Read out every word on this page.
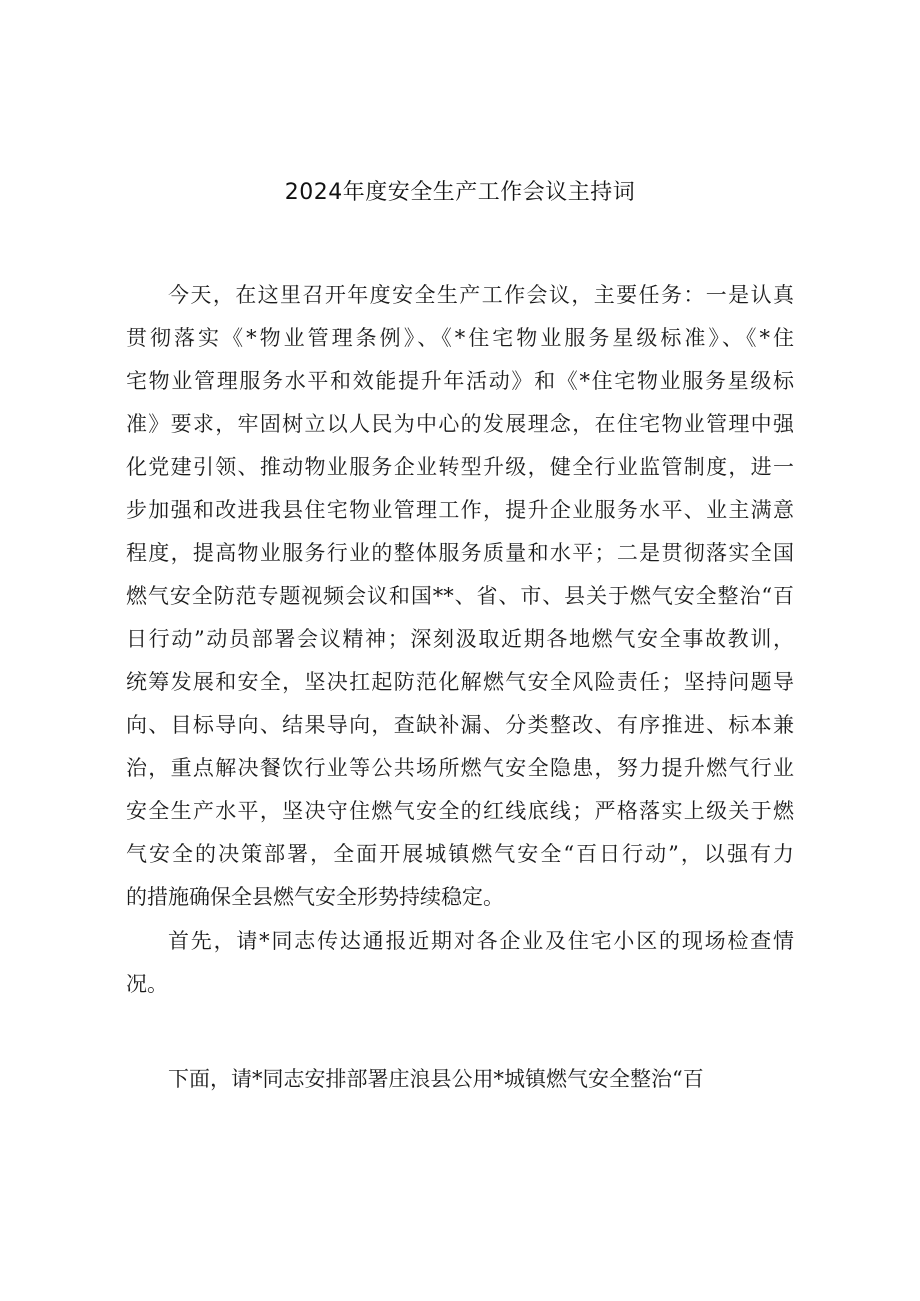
2024年度安全生产工作会议主持词
今天，在这里召开年度安全生产工作会议，主要任务：一是认真
贯彻落实《*物业管理条例》、《*住宅物业服务星级标准》、《*住
宅物业管理服务水平和效能提升年活动》和《*住宅物业服务星级标
准》要求，牢固树立以人民为中心的发展理念，在住宅物业管理中强
化党建引领、推动物业服务企业转型升级，健全行业监管制度，进一
步加强和改进我县住宅物业管理工作，提升企业服务水平、业主满意
程度，提高物业服务行业的整体服务质量和水平；二是贯彻落实全国
燃气安全防范专题视频会议和国**、省、市、县关于燃气安全整治“百
日行动”动员部署会议精神；深刻汲取近期各地燃气安全事故教训，
统筹发展和安全，坚决扛起防范化解燃气安全风险责任；坚持问题导
向、目标导向、结果导向，查缺补漏、分类整改、有序推进、标本兼
治，重点解决餐饮行业等公共场所燃气安全隐患，努力提升燃气行业
安全生产水平，坚决守住燃气安全的红线底线；严格落实上级关于燃
气安全的决策部署，全面开展城镇燃气安全“百日行动”，以强有力
的措施确保全县燃气安全形势持续稳定。
首先，请*同志传达通报近期对各企业及住宅小区的现场检查情
况。
下面，请*同志安排部署庄浪县公用*城镇燃气安全整治“百
